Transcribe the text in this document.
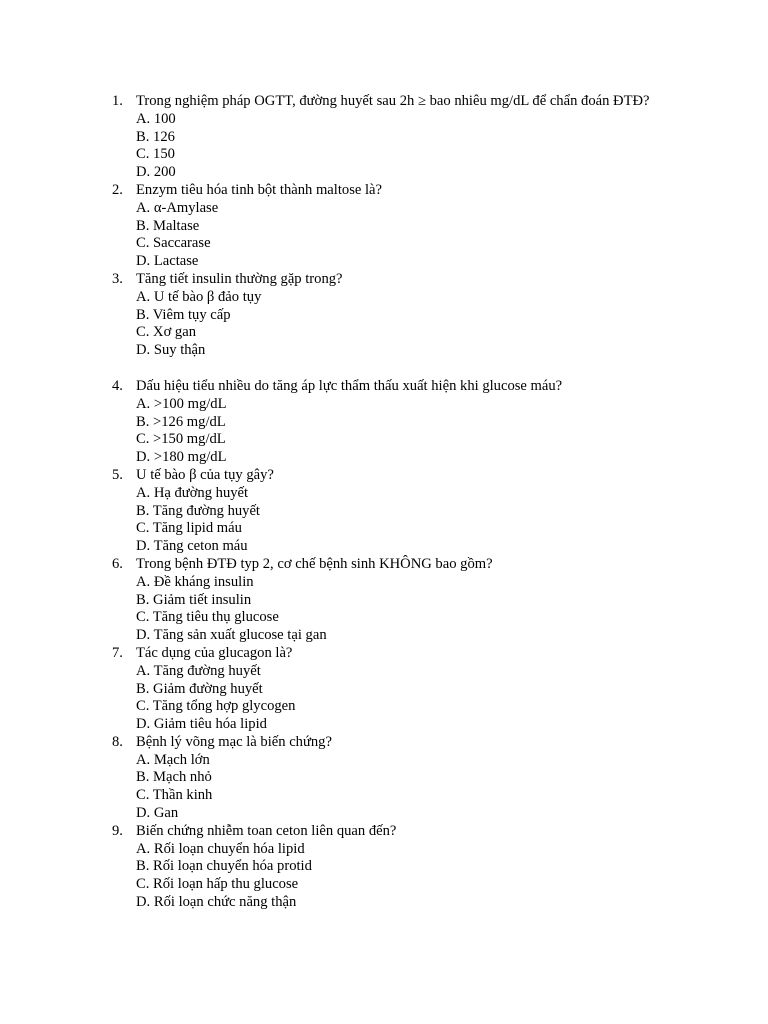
1. Trong nghiệm pháp OGTT, đường huyết sau 2h ≥ bao nhiêu mg/dL để chẩn đoán ĐTĐ?
A. 100
B. 126
C. 150
D. 200
2. Enzym tiêu hóa tinh bột thành maltose là?
A. α-Amylase
B. Maltase
C. Saccarase
D. Lactase
3. Tăng tiết insulin thường gặp trong?
A. U tế bào β đảo tụy
B. Viêm tụy cấp
C. Xơ gan
D. Suy thận
4. Dấu hiệu tiểu nhiều do tăng áp lực thẩm thấu xuất hiện khi glucose máu?
A. >100 mg/dL
B. >126 mg/dL
C. >150 mg/dL
D. >180 mg/dL
5. U tế bào β của tụy gây?
A. Hạ đường huyết
B. Tăng đường huyết
C. Tăng lipid máu
D. Tăng ceton máu
6. Trong bệnh ĐTĐ typ 2, cơ chế bệnh sinh KHÔNG bao gồm?
A. Đề kháng insulin
B. Giảm tiết insulin
C. Tăng tiêu thụ glucose
D. Tăng sản xuất glucose tại gan
7. Tác dụng của glucagon là?
A. Tăng đường huyết
B. Giảm đường huyết
C. Tăng tổng hợp glycogen
D. Giảm tiêu hóa lipid
8. Bệnh lý võng mạc là biến chứng?
A. Mạch lớn
B. Mạch nhỏ
C. Thần kinh
D. Gan
9. Biến chứng nhiễm toan ceton liên quan đến?
A. Rối loạn chuyển hóa lipid
B. Rối loạn chuyển hóa protid
C. Rối loạn hấp thu glucose
D. Rối loạn chức năng thận
